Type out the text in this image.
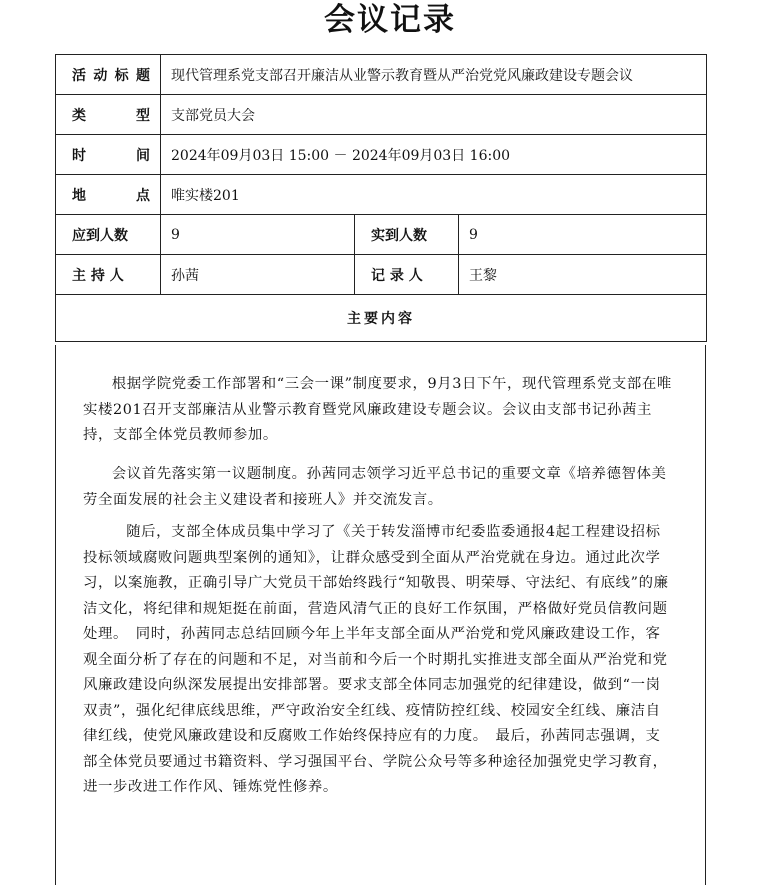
会议记录
活动标题	现代管理系党支部召开廉洁从业警示教育暨从严治党党风廉政建设专题会议		
类　型	支部党员大会		
时　间	2024年09月03日 15:00 － 2024年09月03日 16:00		
地　点	唯实楼201		
应到人数	9	实到人数	9
主 持 人	孙茜	记 录 人	王黎
主要内容			
根据学院党委工作部署和“三会一课”制度要求，9月3日下午，现代管理系党支部在唯实楼201召开支部廉洁从业警示教育暨党风廉政建设专题会议。会议由支部书记孙茜主持，支部全体党员教师参加。
会议首先落实第一议题制度。孙茜同志领学习近平总书记的重要文章《培养德智体美劳全面发展的社会主义建设者和接班人》并交流发言。
随后，支部全体成员集中学习了《关于转发淄博市纪委监委通报4起工程建设招标投标领域腐败问题典型案例的通知》，让群众感受到全面从严治党就在身边。通过此次学习，以案施教，正确引导广大党员干部始终践行“知敬畏、明荣辱、守法纪、有底线”的廉洁文化，将纪律和规矩挺在前面，营造风清气正的良好工作氛围，严格做好党员信教问题处理。　同时，孙茜同志总结回顾今年上半年支部全面从严治党和党风廉政建设工作，客观全面分析了存在的问题和不足，对当前和今后一个时期扎实推进支部全面从严治党和党风廉政建设向纵深发展提出安排部署。要求支部全体同志加强党的纪律建设，做到“一岗双责”，强化纪律底线思维，严守政治安全红线、疫情防控红线、校园安全红线、廉洁自律红线，使党风廉政建设和反腐败工作始终保持应有的力度。　最后，孙茜同志强调，支部全体党员要通过书籍资料、学习强国平台、学院公众号等多种途径加强党史学习教育，进一步改进工作作风、锤炼党性修养。
